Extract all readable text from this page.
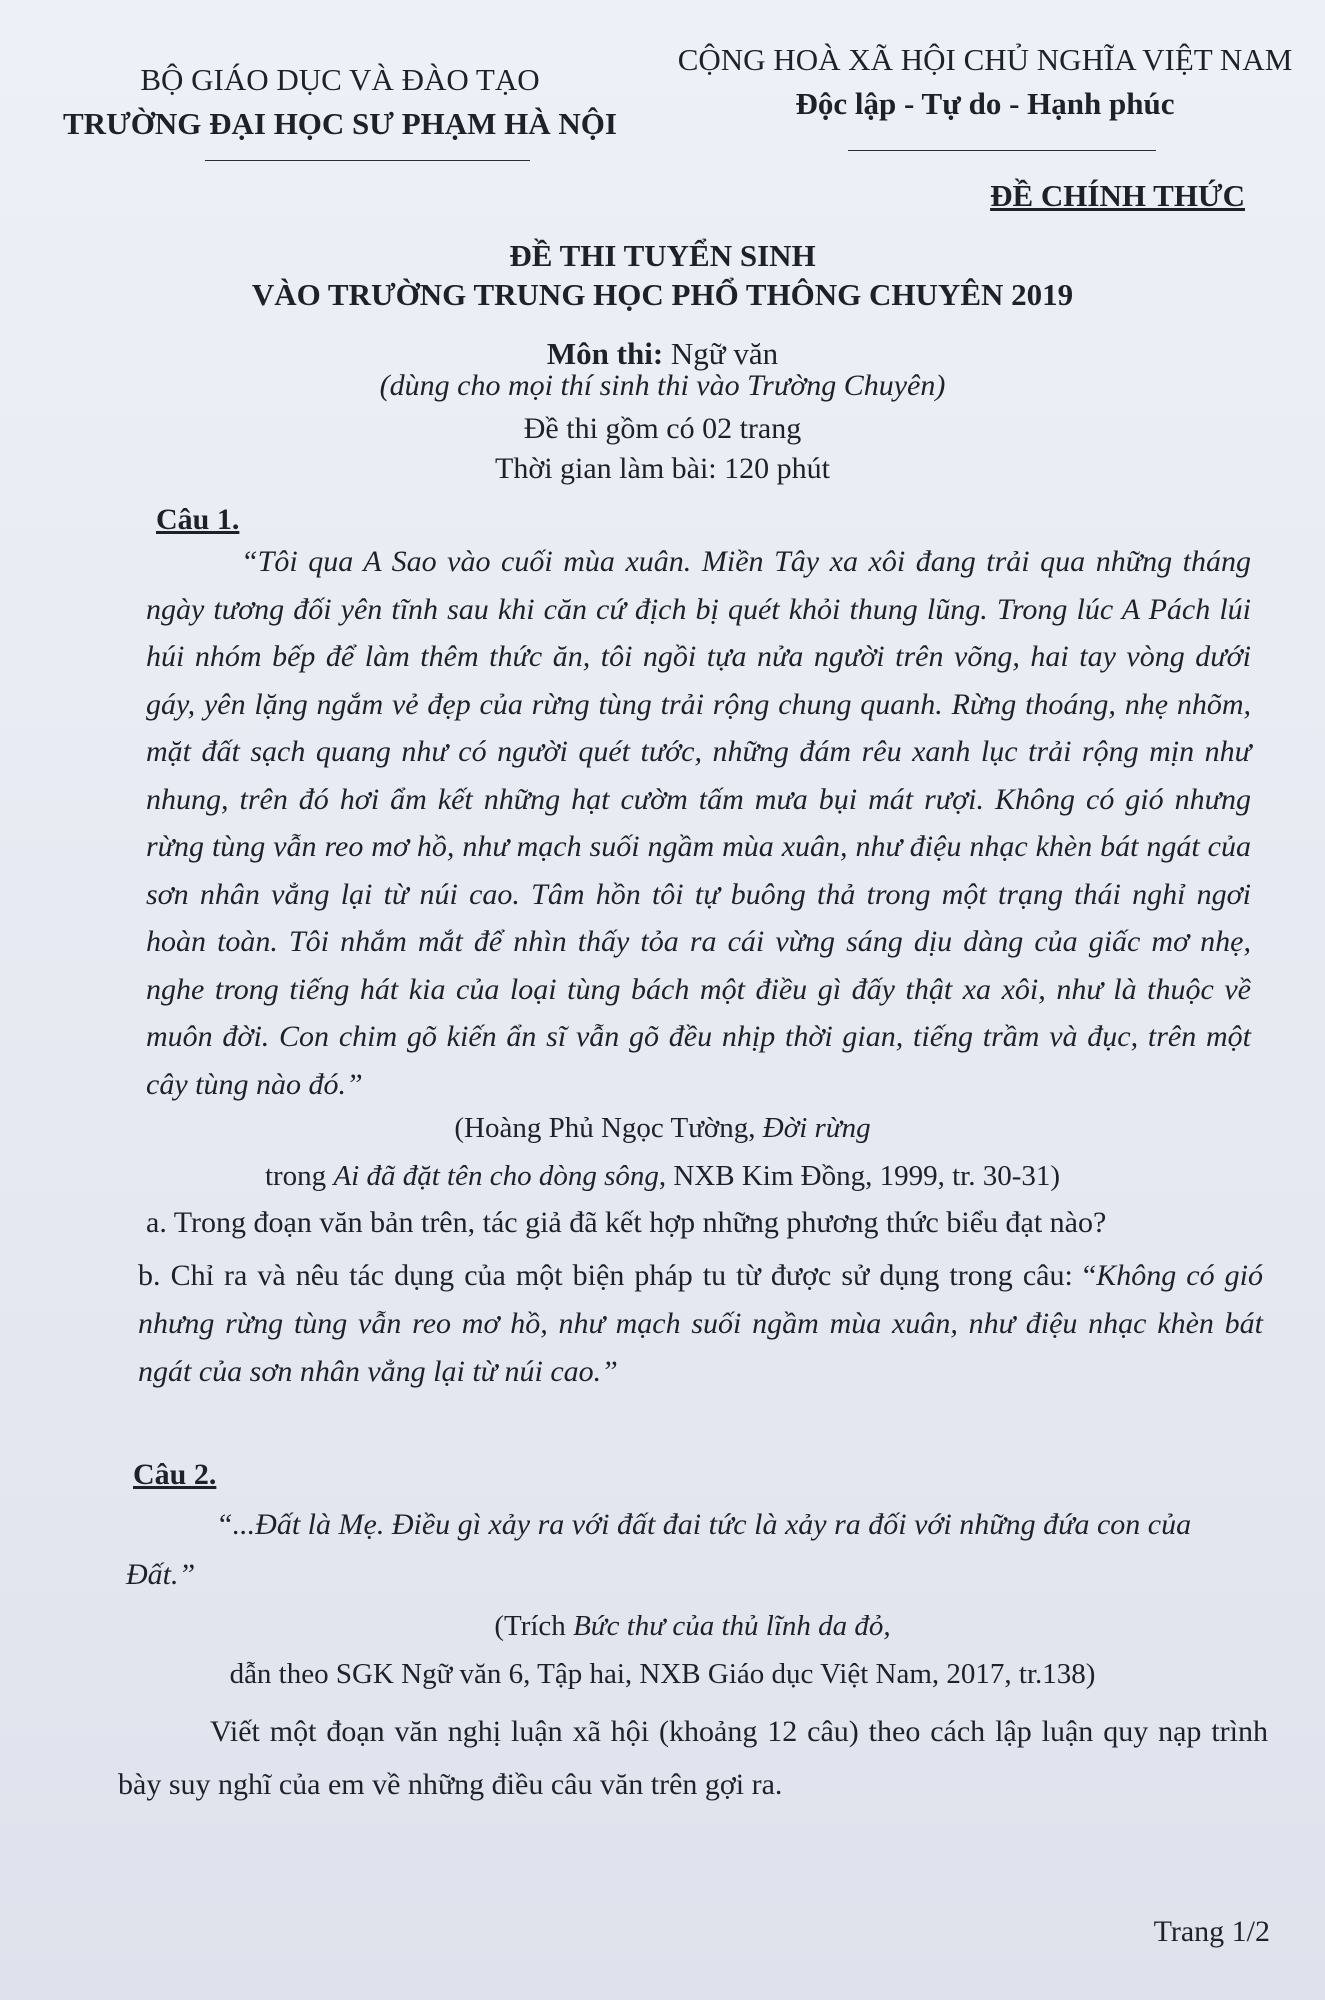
BỘ GIÁO DỤC VÀ ĐÀO TẠO
TRƯỜNG ĐẠI HỌC SƯ PHẠM HÀ NỘI
CỘNG HOÀ XÃ HỘI CHỦ NGHĨA VIỆT NAM
Độc lập - Tự do - Hạnh phúc
ĐỀ CHÍNH THỨC
ĐỀ THI TUYỂN SINH
VÀO TRƯỜNG TRUNG HỌC PHỔ THÔNG CHUYÊN 2019
Môn thi: Ngữ văn
(dùng cho mọi thí sinh thi vào Trường Chuyên)
Đề thi gồm có 02 trang
Thời gian làm bài: 120 phút
Câu 1.

“Tôi qua A Sao vào cuối mùa xuân. Miền Tây xa xôi đang trải qua những tháng ngày tương đối yên tĩnh sau khi căn cứ địch bị quét khỏi thung lũng. Trong lúc A Pách lúi húi nhóm bếp để làm thêm thức ăn, tôi ngồi tựa nửa người trên võng, hai tay vòng dưới gáy, yên lặng ngắm vẻ đẹp của rừng tùng trải rộng chung quanh. Rừng thoáng, nhẹ nhõm, mặt đất sạch quang như có người quét tước, những đám rêu xanh lục trải rộng mịn như nhung, trên đó hơi ẩm kết những hạt cườm tấm mưa bụi mát rượi. Không có gió nhưng rừng tùng vẫn reo mơ hồ, như mạch suối ngầm mùa xuân, như điệu nhạc khèn bát ngát của sơn nhân vẳng lại từ núi cao. Tâm hồn tôi tự buông thả trong một trạng thái nghỉ ngơi hoàn toàn. Tôi nhắm mắt để nhìn thấy tỏa ra cái vừng sáng dịu dàng của giấc mơ nhẹ, nghe trong tiếng hát kia của loại tùng bách một điều gì đấy thật xa xôi, như là thuộc về muôn đời. Con chim gõ kiến ẩn sĩ vẫn gõ đều nhịp thời gian, tiếng trầm và đục, trên một cây tùng nào đó.”

(Hoàng Phủ Ngọc Tường, Đời rừng
trong Ai đã đặt tên cho dòng sông, NXB Kim Đồng, 1999, tr. 30-31)
a. Trong đoạn văn bản trên, tác giả đã kết hợp những phương thức biểu đạt nào?

b. Chỉ ra và nêu tác dụng của một biện pháp tu từ được sử dụng trong câu: “Không có gió nhưng rừng tùng vẫn reo mơ hồ, như mạch suối ngầm mùa xuân, như điệu nhạc khèn bát ngát của sơn nhân vẳng lại từ núi cao.”

Câu 2.

“...Đất là Mẹ. Điều gì xảy ra với đất đai tức là xảy ra đối với những đứa con của Đất.”

(Trích Bức thư của thủ lĩnh da đỏ,
dẫn theo SGK Ngữ văn 6, Tập hai, NXB Giáo dục Việt Nam, 2017, tr.138)

Viết một đoạn văn nghị luận xã hội (khoảng 12 câu) theo cách lập luận quy nạp trình bày suy nghĩ của em về những điều câu văn trên gợi ra.

Trang 1/2
